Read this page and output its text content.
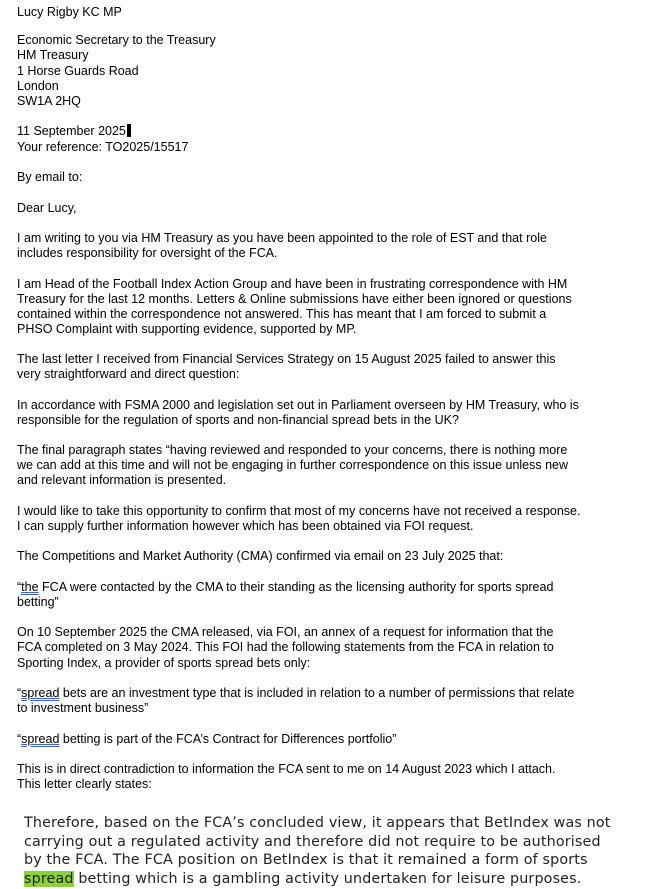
Lucy Rigby KC MP
Economic Secretary to the Treasury
HM Treasury
1 Horse Guards Road
London
SW1A 2HQ
11 September 2025
Your reference: TO2025/15517
By email to:
Dear Lucy,
I am writing to you via HM Treasury as you have been appointed to the role of EST and that role
includes responsibility for oversight of the FCA.
I am Head of the Football Index Action Group and have been in frustrating correspondence with HM
Treasury for the last 12 months. Letters & Online submissions have either been ignored or questions
contained within the correspondence not answered. This has meant that I am forced to submit a
PHSO Complaint with supporting evidence, supported by MP.
The last letter I received from Financial Services Strategy on 15 August 2025 failed to answer this
very straightforward and direct question:
In accordance with FSMA 2000 and legislation set out in Parliament overseen by HM Treasury, who is
responsible for the regulation of sports and non-financial spread bets in the UK?
The final paragraph states “having reviewed and responded to your concerns, there is nothing more
we can add at this time and will not be engaging in further correspondence on this issue unless new
and relevant information is presented.
I would like to take this opportunity to confirm that most of my concerns have not received a response.
I can supply further information however which has been obtained via FOI request.
The Competitions and Market Authority (CMA) confirmed via email on 23 July 2025 that:
“the FCA were contacted by the CMA to their standing as the licensing authority for sports spread
betting”
On 10 September 2025 the CMA released, via FOI, an annex of a request for information that the
FCA completed on 3 May 2024. This FOI had the following statements from the FCA in relation to
Sporting Index, a provider of sports spread bets only:
“spread bets are an investment type that is included in relation to a number of permissions that relate
to investment business”
“spread betting is part of the FCA’s Contract for Differences portfolio”
This is in direct contradiction to information the FCA sent to me on 14 August 2023 which I attach.
This letter clearly states:
Therefore, based on the FCA’s concluded view, it appears that BetIndex was not
carrying out a regulated activity and therefore did not require to be authorised
by the FCA. The FCA position on BetIndex is that it remained a form of sports
spread betting which is a gambling activity undertaken for leisure purposes.
